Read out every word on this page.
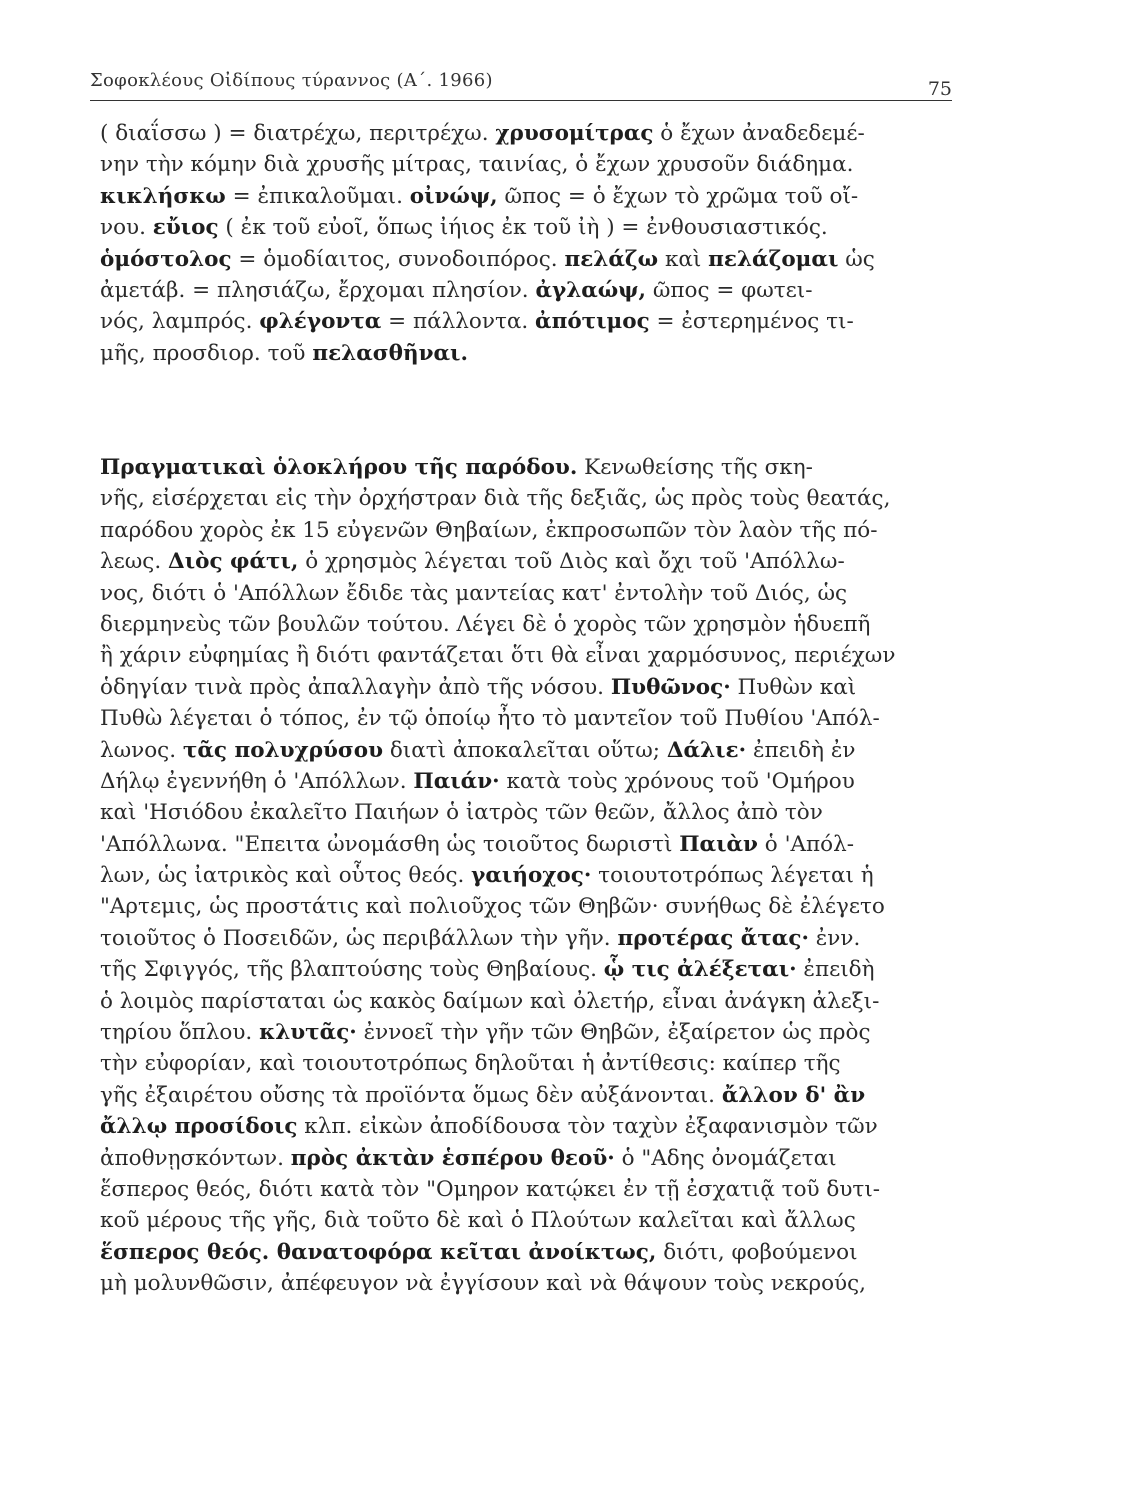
Σοφοκλέους Οἰδίπους τύραννος (Α΄. 1966)	75
( διαΐσσω ) = διατρέχω, περιτρέχω. χρυσομίτρας ὁ ἔχων ἀναδεδεμέ-
νην τὴν κόμην διὰ χρυσῆς μίτρας, ταινίας, ὁ ἔχων χρυσοῦν διάδημα.
κικλήσκω = ἐπικαλοῦμαι. οἰνώψ, ῶπος = ὁ ἔχων τὸ χρῶμα τοῦ οἴ-
νου. εὔιος ( ἐκ τοῦ εὐοῖ, ὅπως ἰήιος ἐκ τοῦ ἰὴ ) = ἐνθουσιαστικός.
ὁμόστολος = ὁμοδίαιτος, συνοδοιπόρος. πελάζω καὶ πελάζομαι ὡς
ἀμετάβ. = πλησιάζω, ἔρχομαι πλησίον. ἀγλαώψ, ῶπος = φωτει-
νός, λαμπρός. φλέγοντα = πάλλοντα. ἀπότιμος = ἐστερημένος τι-
μῆς, προσδιορ. τοῦ πελασθῆναι.
Πραγματικαὶ ὁλοκλήρου τῆς παρόδου. Κενωθείσης τῆς σκη-
νῆς, εἰσέρχεται εἰς τὴν ὀρχήστραν διὰ τῆς δεξιᾶς, ὡς πρὸς τοὺς θεατάς,
παρόδου χορὸς ἐκ 15 εὐγενῶν Θηβαίων, ἐκπροσωπῶν τὸν λαὸν τῆς πό-
λεως. Διὸς φάτι, ὁ χρησμὸς λέγεται τοῦ Διὸς καὶ ὄχι τοῦ 'Απόλλω-
νος, διότι ὁ 'Απόλλων ἔδιδε τὰς μαντείας κατ' ἐντολὴν τοῦ Διός, ὡς
διερμηνεὺς τῶν βουλῶν τούτου. Λέγει δὲ ὁ χορὸς τῶν χρησμὸν ἡδυεπῆ
ἢ χάριν εὐφημίας ἢ διότι φαντάζεται ὅτι θὰ εἶναι χαρμόσυνος, περιέχων
ὁδηγίαν τινὰ πρὸς ἀπαλλαγὴν ἀπὸ τῆς νόσου. Πυθῶνος· Πυθὼν καὶ
Πυθὼ λέγεται ὁ τόπος, ἐν τῷ ὁποίῳ ἦτο τὸ μαντεῖον τοῦ Πυθίου 'Απόλ-
λωνος. τᾶς πολυχρύσου διατὶ ἀποκαλεῖται οὕτω; Δάλιε· ἐπειδὴ ἐν
Δήλῳ ἐγεννήθη ὁ 'Απόλλων. Παιάν· κατὰ τοὺς χρόνους τοῦ 'Ομήρου
καὶ 'Ησιόδου ἐκαλεῖτο Παιήων ὁ ἰατρὸς τῶν θεῶν, ἄλλος ἀπὸ τὸν
'Απόλλωνα. "Επειτα ὠνομάσθη ὡς τοιοῦτος δωριστὶ Παιὰν ὁ 'Απόλ-
λων, ὡς ἰατρικὸς καὶ οὗτος θεός. γαιήοχος· τοιουτοτρόπως λέγεται ἡ
"Αρτεμις, ὡς προστάτις καὶ πολιοῦχος τῶν Θηβῶν· συνήθως δὲ ἐλέγετο
τοιοῦτος ὁ Ποσειδῶν, ὡς περιβάλλων τὴν γῆν. προτέρας ἄτας· ἐνν.
τῆς Σφιγγός, τῆς βλαπτούσης τοὺς Θηβαίους. ᾧ τις ἀλέξεται· ἐπειδὴ
ὁ λοιμὸς παρίσταται ὡς κακὸς δαίμων καὶ ὀλετήρ, εἶναι ἀνάγκη ἀλεξι-
τηρίου ὅπλου. κλυτᾶς· ἐννοεῖ τὴν γῆν τῶν Θηβῶν, ἐξαίρετον ὡς πρὸς
τὴν εὐφορίαν, καὶ τοιουτοτρόπως δηλοῦται ἡ ἀντίθεσις: καίπερ τῆς
γῆς ἐξαιρέτου οὔσης τὰ προϊόντα ὅμως δὲν αὐξάνονται. ἄλλον δ' ἂν
ἄλλῳ προσίδοις κλπ. εἰκὼν ἀποδίδουσα τὸν ταχὺν ἐξαφανισμὸν τῶν
ἀποθνῃσκόντων. πρὸς ἀκτὰν ἑσπέρου θεοῦ· ὁ "Αδης ὀνομάζεται
ἕσπερος θεός, διότι κατὰ τὸν "Ομηρον κατῴκει ἐν τῇ ἐσχατιᾷ τοῦ δυτι-
κοῦ μέρους τῆς γῆς, διὰ τοῦτο δὲ καὶ ὁ Πλούτων καλεῖται καὶ ἄλλως
ἕσπερος θεός. θανατοφόρα κεῖται ἀνοίκτως, διότι, φοβούμενοι
μὴ μολυνθῶσιν, ἀπέφευγον νὰ ἐγγίσουν καὶ νὰ θάψουν τοὺς νεκρούς,
